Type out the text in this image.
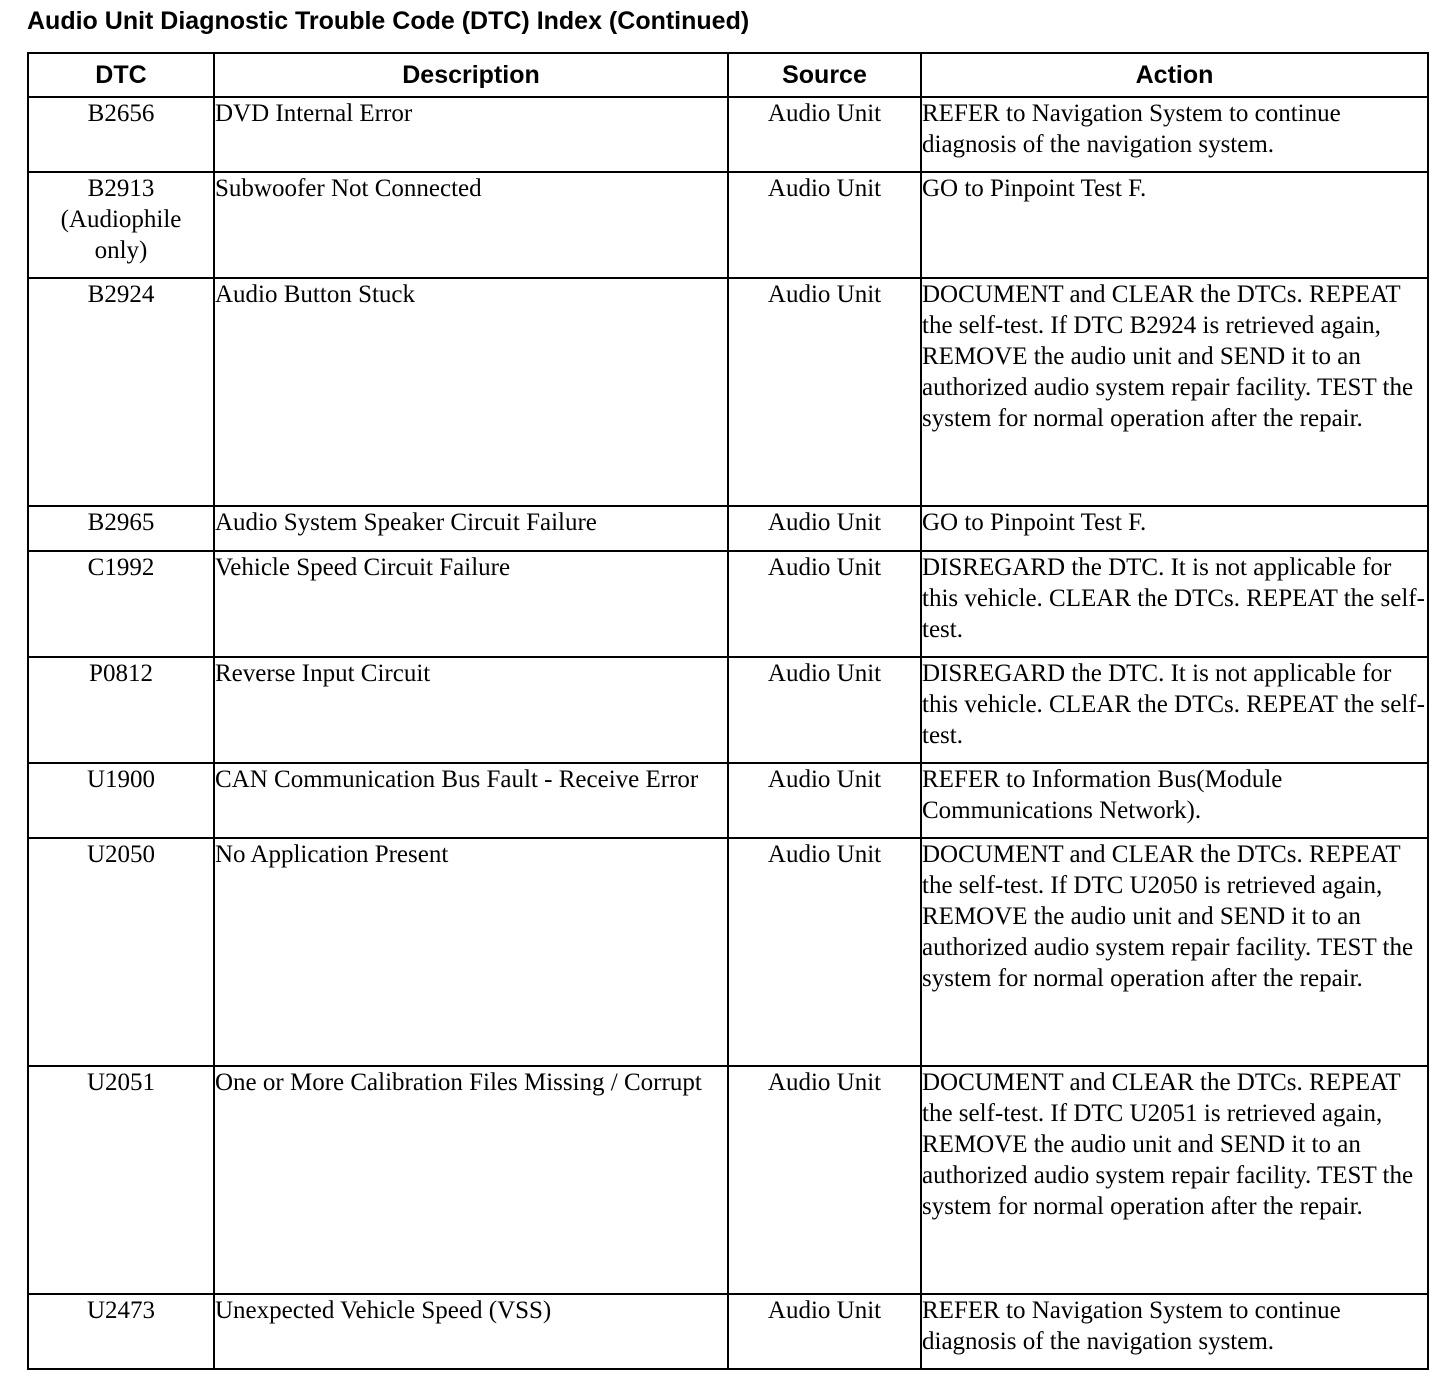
Audio Unit Diagnostic Trouble Code (DTC) Index (Continued)
DTC	Description	Source	Action

B2656	DVD Internal Error	Audio Unit	REFER to Navigation System to continue diagnosis of the navigation system.

B2913
(Audiophile
only)	Subwoofer Not Connected	Audio Unit	GO to Pinpoint Test F.

B2924	Audio Button Stuck	Audio Unit	DOCUMENT and CLEAR the DTCs. REPEAT the self-test. If DTC B2924 is retrieved again, REMOVE the audio unit and SEND it to an authorized audio system repair facility. TEST the system for normal operation after the repair.

B2965	Audio System Speaker Circuit Failure	Audio Unit	GO to Pinpoint Test F.

C1992	Vehicle Speed Circuit Failure	Audio Unit	DISREGARD the DTC. It is not applicable for this vehicle. CLEAR the DTCs. REPEAT the self-test.

P0812	Reverse Input Circuit	Audio Unit	DISREGARD the DTC. It is not applicable for this vehicle. CLEAR the DTCs. REPEAT the self-test.

U1900	CAN Communication Bus Fault - Receive Error	Audio Unit	REFER to Information Bus(Module Communications Network).

U2050	No Application Present	Audio Unit	DOCUMENT and CLEAR the DTCs. REPEAT the self-test. If DTC U2050 is retrieved again, REMOVE the audio unit and SEND it to an authorized audio system repair facility. TEST the system for normal operation after the repair.

U2051	One or More Calibration Files Missing / Corrupt	Audio Unit	DOCUMENT and CLEAR the DTCs. REPEAT the self-test. If DTC U2051 is retrieved again, REMOVE the audio unit and SEND it to an authorized audio system repair facility. TEST the system for normal operation after the repair.

U2473	Unexpected Vehicle Speed (VSS)	Audio Unit	REFER to Navigation System to continue diagnosis of the navigation system.
